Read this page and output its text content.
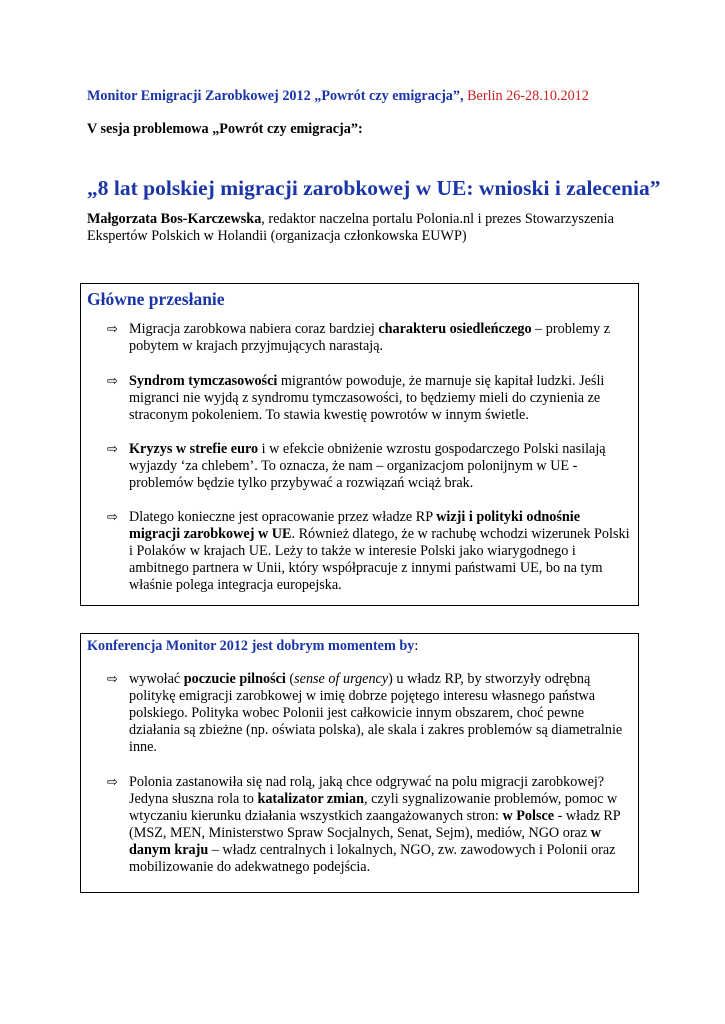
Monitor Emigracji Zarobkowej 2012 „Powrót czy emigracja”, Berlin 26-28.10.2012
V sesja problemowa „Powrót czy emigracja”:
„8 lat polskiej migracji zarobkowej w UE: wnioski i zalecenia”
Małgorzata Bos-Karczewska, redaktor naczelna portalu Polonia.nl i prezes Stowarzyszenia Ekspertów Polskich w Holandii (organizacja członkowska EUWP)
Główne przesłanie
⇨ Migracja zarobkowa nabiera coraz bardziej charakteru osiedleńczego – problemy z pobytem w krajach przyjmujących narastają.
⇨ Syndrom tymczasowości migrantów powoduje, że marnuje się kapitał ludzki. Jeśli migranci nie wyjdą z syndromu tymczasowości, to będziemy mieli do czynienia ze straconym pokoleniem. To stawia kwestię powrotów w innym świetle.
⇨ Kryzys w strefie euro i w efekcie obniżenie wzrostu gospodarczego Polski nasilają wyjazdy ‘za chlebem’. To oznacza, że nam – organizacjom polonijnym w UE - problemów będzie tylko przybywać a rozwiązań wciąż brak.
⇨ Dlatego konieczne jest opracowanie przez władze RP wizji i polityki odnośnie migracji zarobkowej w UE. Również dlatego, że w rachubę wchodzi wizerunek Polski i Polaków w krajach UE. Leży to także w interesie Polski jako wiarygodnego i ambitnego partnera w Unii, który współpracuje z innymi państwami UE, bo na tym właśnie polega integracja europejska.
Konferencja Monitor 2012 jest dobrym momentem by:
⇨ wywołać poczucie pilności (sense of urgency) u władz RP, by stworzyły odrębną politykę emigracji zarobkowej w imię dobrze pojętego interesu własnego państwa polskiego. Polityka wobec Polonii jest całkowicie innym obszarem, choć pewne działania są zbieżne (np. oświata polska), ale skala i zakres problemów są diametralnie inne.
⇨ Polonia zastanowiła się nad rolą, jaką chce odgrywać na polu migracji zarobkowej? Jedyna słuszna rola to katalizator zmian, czyli sygnalizowanie problemów, pomoc w wtyczaniu kierunku działania wszystkich zaangażowanych stron: w Polsce - władz RP (MSZ, MEN, Ministerstwo Spraw Socjalnych, Senat, Sejm), mediów, NGO oraz w danym kraju – władz centralnych i lokalnych, NGO, zw. zawodowych i Polonii oraz mobilizowanie do adekwatnego podejścia.
